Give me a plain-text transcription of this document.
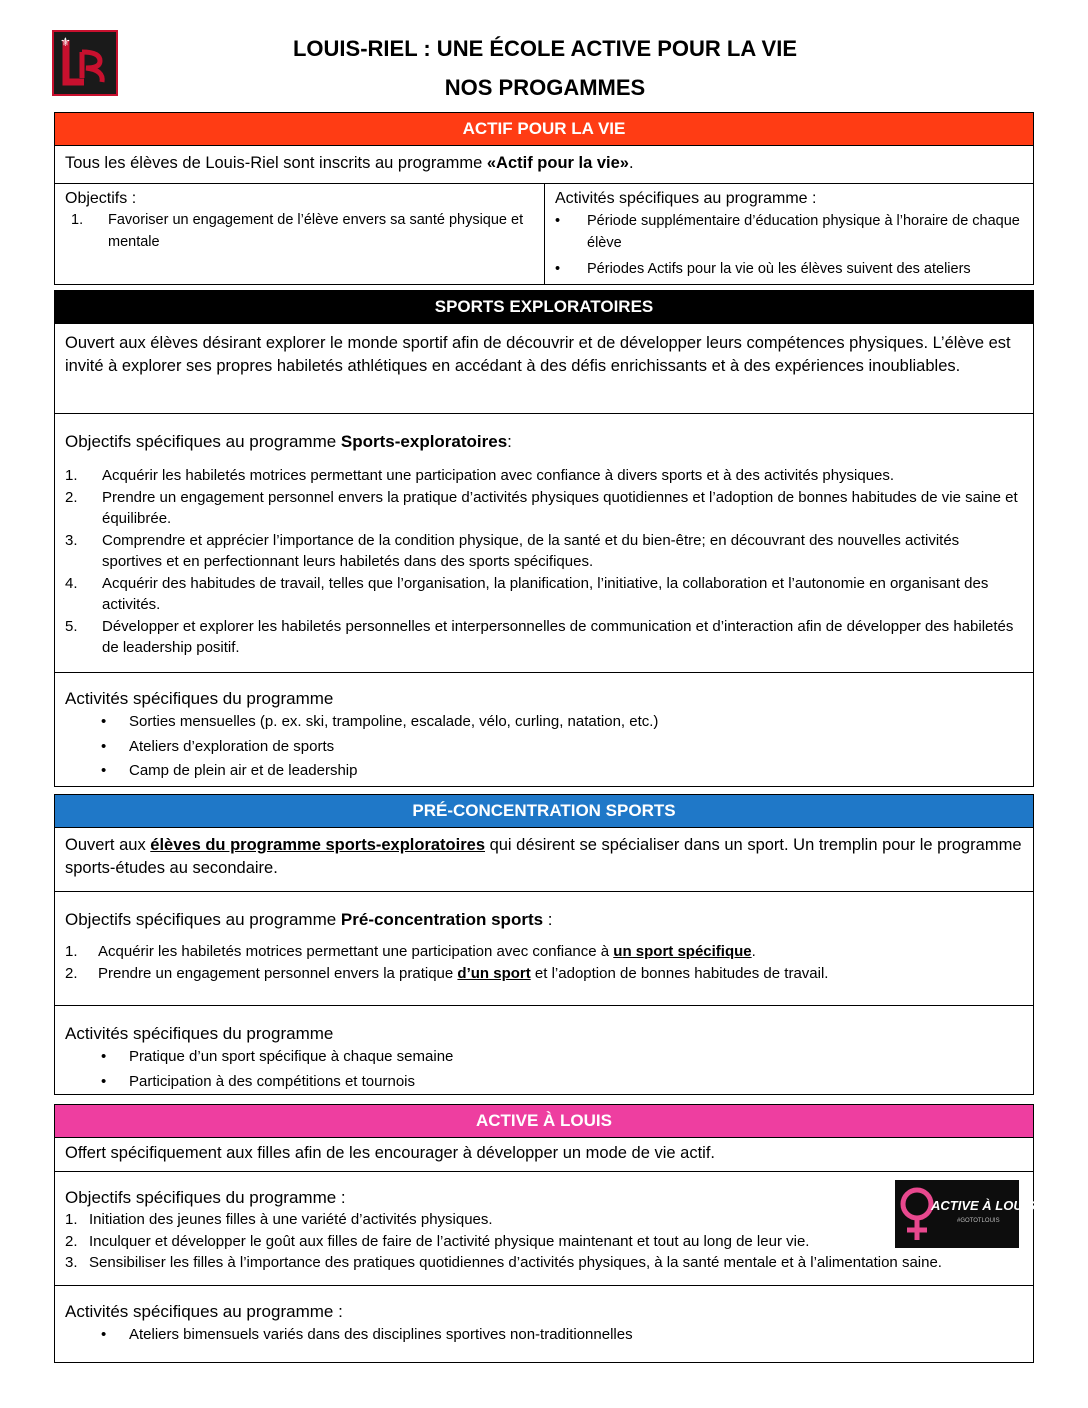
⚜	LOUIS-RIEL : UNE ÉCOLE ACTIVE POUR LA VIE
NOS PROGAMMES
ACTIF POUR LA VIE
Tous les élèves de Louis-Riel sont inscrits au programme «Actif pour la vie».
Objectifs :
1.	Favoriser un engagement de l’élève envers sa santé physique et mentale
Activités spécifiques au programme :
•	Période supplémentaire d’éducation physique à l’horaire de chaque élève
•	Périodes Actifs pour la vie où les élèves suivent des ateliers
SPORTS EXPLORATOIRES
Ouvert aux élèves désirant explorer le monde sportif afin de découvrir et de développer leurs compétences physiques. L’élève est invité à explorer ses propres habiletés athlétiques en accédant à des défis enrichissants et à des expériences inoubliables.
Objectifs spécifiques au programme Sports-exploratoires:
1.	Acquérir les habiletés motrices permettant une participation avec confiance à divers sports et à des activités physiques.
2.	Prendre un engagement personnel envers la pratique d’activités physiques quotidiennes et l’adoption de bonnes habitudes de vie saine et équilibrée.
3.	Comprendre et apprécier l’importance de la condition physique, de la santé et du bien-être; en découvrant des nouvelles activités sportives et en perfectionnant leurs habiletés dans des sports spécifiques.
4.	Acquérir des habitudes de travail, telles que l’organisation, la planification, l’initiative, la collaboration et l’autonomie en organisant des activités.
5.	Développer et explorer les habiletés personnelles et interpersonnelles de communication et d’interaction afin de développer des habiletés de leadership positif.
Activités spécifiques du programme
•	Sorties mensuelles (p. ex. ski, trampoline, escalade, vélo, curling, natation, etc.)
•	Ateliers d’exploration de sports
•	Camp de plein air et de leadership
PRÉ-CONCENTRATION SPORTS
Ouvert aux élèves du programme sports-exploratoires qui désirent se spécialiser dans un sport. Un tremplin pour le programme sports-études au secondaire.
Objectifs spécifiques au programme Pré-concentration sports :
1.	Acquérir les habiletés motrices permettant une participation avec confiance à un sport spécifique.
2.	Prendre un engagement personnel envers la pratique d’un sport et l’adoption de bonnes habitudes de travail.
Activités spécifiques du programme
•	Pratique d’un sport spécifique à chaque semaine
•	Participation à des compétitions et tournois
ACTIVE À LOUIS
Offert spécifiquement aux filles afin de les encourager à développer un mode de vie actif.
Objectifs spécifiques du programme :
1. Initiation des jeunes filles à une variété d’activités physiques.
2. Inculquer et développer le goût aux filles de faire de l’activité physique maintenant et tout au long de leur vie.
3. Sensibiliser les filles à l’importance des pratiques quotidiennes d’activités physiques, à la santé mentale et à l’alimentation saine.
ACTIVE À LOUIS
#GOTOTLOUIS
Activités spécifiques au programme :
•	Ateliers bimensuels variés dans des disciplines sportives non-traditionnelles
